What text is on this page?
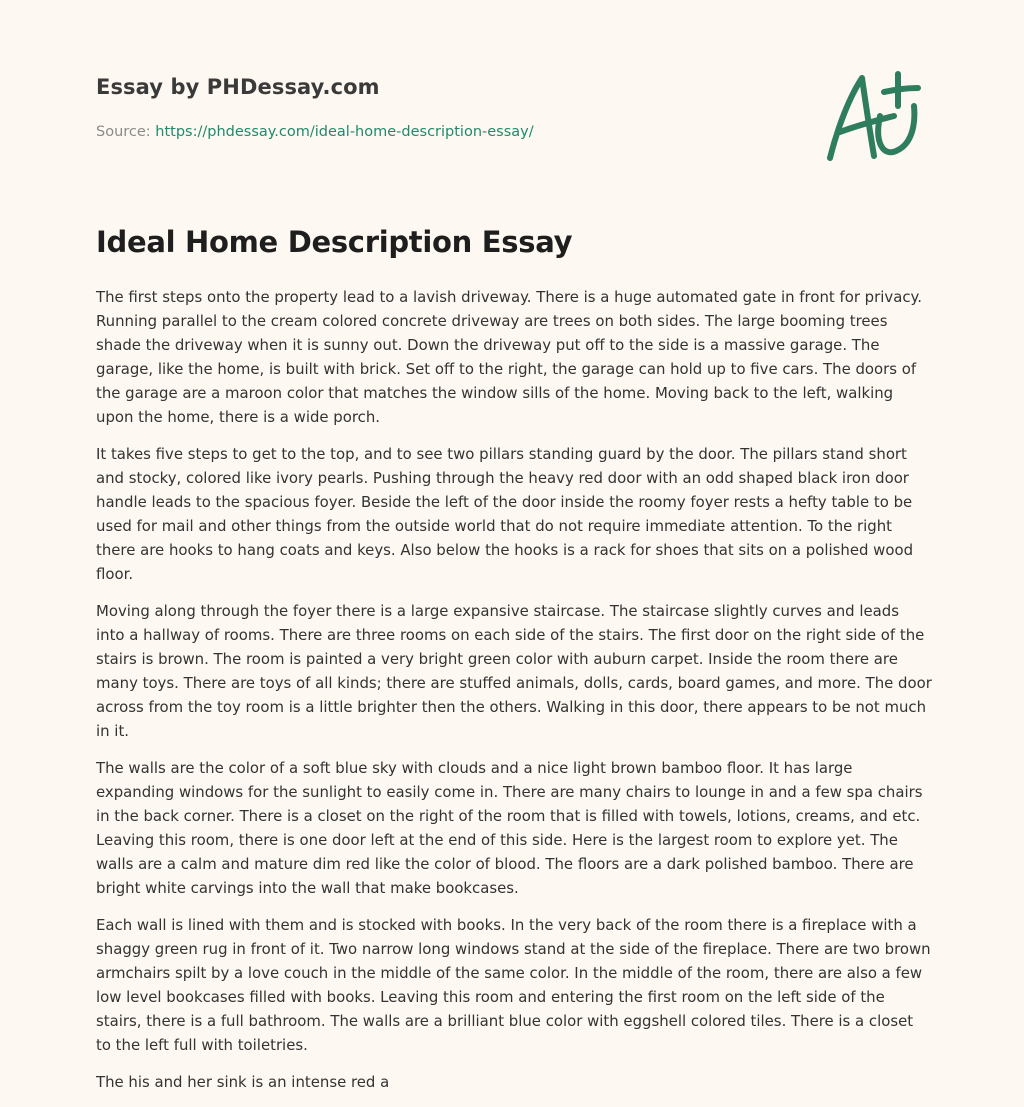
Essay by PHDessay.com
Source: https://phdessay.com/ideal-home-description-essay/
Ideal Home Description Essay

The first steps onto the property lead to a lavish driveway. There is a huge automated gate in front for privacy. Running parallel to the cream colored concrete driveway are trees on both sides. The large booming trees shade the driveway when it is sunny out. Down the driveway put off to the side is a massive garage. The garage, like the home, is built with brick. Set off to the right, the garage can hold up to five cars. The doors of the garage are a maroon color that matches the window sills of the home. Moving back to the left, walking upon the home, there is a wide porch.

It takes five steps to get to the top, and to see two pillars standing guard by the door. The pillars stand short and stocky, colored like ivory pearls. Pushing through the heavy red door with an odd shaped black iron door handle leads to the spacious foyer. Beside the left of the door inside the roomy foyer rests a hefty table to be used for mail and other things from the outside world that do not require immediate attention. To the right there are hooks to hang coats and keys. Also below the hooks is a rack for shoes that sits on a polished wood floor.

Moving along through the foyer there is a large expansive staircase. The staircase slightly curves and leads into a hallway of rooms. There are three rooms on each side of the stairs. The first door on the right side of the stairs is brown. The room is painted a very bright green color with auburn carpet. Inside the room there are many toys. There are toys of all kinds; there are stuffed animals, dolls, cards, board games, and more. The door across from the toy room is a little brighter then the others. Walking in this door, there appears to be not much in it.

The walls are the color of a soft blue sky with clouds and a nice light brown bamboo floor. It has large expanding windows for the sunlight to easily come in. There are many chairs to lounge in and a few spa chairs in the back corner. There is a closet on the right of the room that is filled with towels, lotions, creams, and etc. Leaving this room, there is one door left at the end of this side. Here is the largest room to explore yet. The walls are a calm and mature dim red like the color of blood. The floors are a dark polished bamboo. There are bright white carvings into the wall that make bookcases.

Each wall is lined with them and is stocked with books. In the very back of the room there is a fireplace with a shaggy green rug in front of it. Two narrow long windows stand at the side of the fireplace. There are two brown armchairs spilt by a love couch in the middle of the same color. In the middle of the room, there are also a few low level bookcases filled with books. Leaving this room and entering the first room on the left side of the stairs, there is a full bathroom. The walls are a brilliant blue color with eggshell colored tiles. There is a closet to the left full with toiletries.

The his and her sink is an intense red a
